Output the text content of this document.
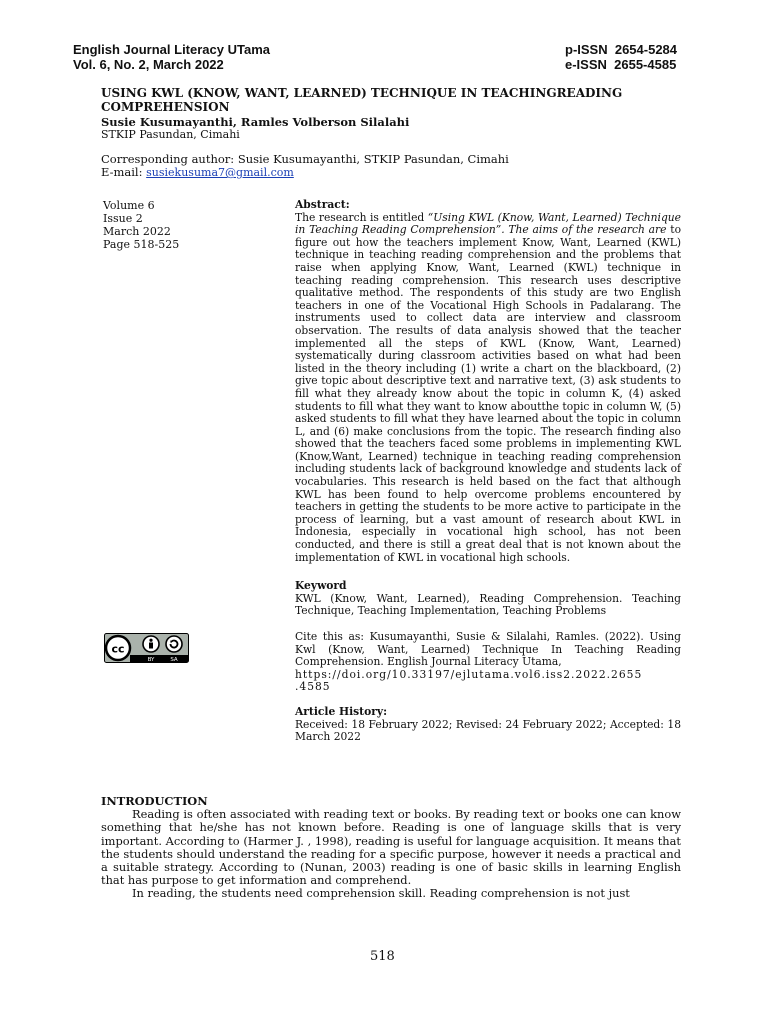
English Journal Literacy UTama
Vol. 6, No. 2, March 2022
p-ISSN  2654-5284
e-ISSN  2655-4585
USING KWL (KNOW, WANT, LEARNED) TECHNIQUE IN TEACHINGREADING COMPREHENSION
Susie Kusumayanthi, Ramles Volberson Silalahi
STKIP Pasundan, Cimahi
Corresponding author: Susie Kusumayanthi, STKIP Pasundan, Cimahi
E-mail: susiekusuma7@gmail.com
Volume 6
Issue 2
March 2022
Page 518-525
cc
BY	SA
Abstract:

The research is entitled “Using KWL (Know, Want, Learned) Technique in Teaching Reading Comprehension”. The aims of the research are to figure out how the teachers implement Know, Want, Learned (KWL) technique in teaching reading comprehension and the problems that raise when applying Know, Want, Learned (KWL) technique in teaching reading comprehension. This research uses descriptive qualitative method. The respondents of this study are two English teachers in one of the Vocational High Schools in Padalarang. The instruments used to collect data are interview and classroom observation. The results of data analysis showed that the teacher implemented all the steps of KWL (Know, Want, Learned) systematically during classroom activities based on what had been listed in the theory including (1) write a chart on the blackboard, (2) give topic about descriptive text and narrative text, (3) ask students to fill what they already know about the topic in column K, (4) asked students to fill what they want to know aboutthe topic in column W, (5) asked students to fill what they have learned about the topic in column L, and (6) make conclusions from the topic. The research finding also showed that the teachers faced some problems in implementing KWL (Know,Want, Learned) technique in teaching reading comprehension including students lack of background knowledge and students lack of vocabularies. This research is held based on the fact that although KWL has been found to help overcome problems encountered by teachers in getting the students to be more active to participate in the process of learning, but a vast amount of research about KWL in Indonesia, especially in vocational high school, has not been conducted, and there is still a great deal that is not known about the implementation of KWL in vocational high schools.

Keyword

KWL (Know, Want, Learned), Reading Comprehension. Teaching Technique, Teaching Implementation, Teaching Problems

Cite this as: Kusumayanthi, Susie & Silalahi, Ramles. (2022). Using Kwl (Know, Want, Learned) Technique In Teaching Reading Comprehension. English Journal Literacy Utama,

https://doi.org/10.33197/ejlutama.vol6.iss2.2022.2655 .4585
Article History:

Received: 18 February 2022; Revised: 24 February 2022; Accepted: 18 March 2022

INTRODUCTION

Reading is often associated with reading text or books. By reading text or books one can know something that he/she has not known before. Reading is one of language skills that is very important. According to (Harmer J. , 1998), reading is useful for language acquisition. It means that the students should understand the reading for a specific purpose, however it needs a practical and a suitable strategy. According to (Nunan, 2003) reading is one of basic skills in learning English that has purpose to get information and comprehend.

In reading, the students need comprehension skill. Reading comprehension is not just

518
